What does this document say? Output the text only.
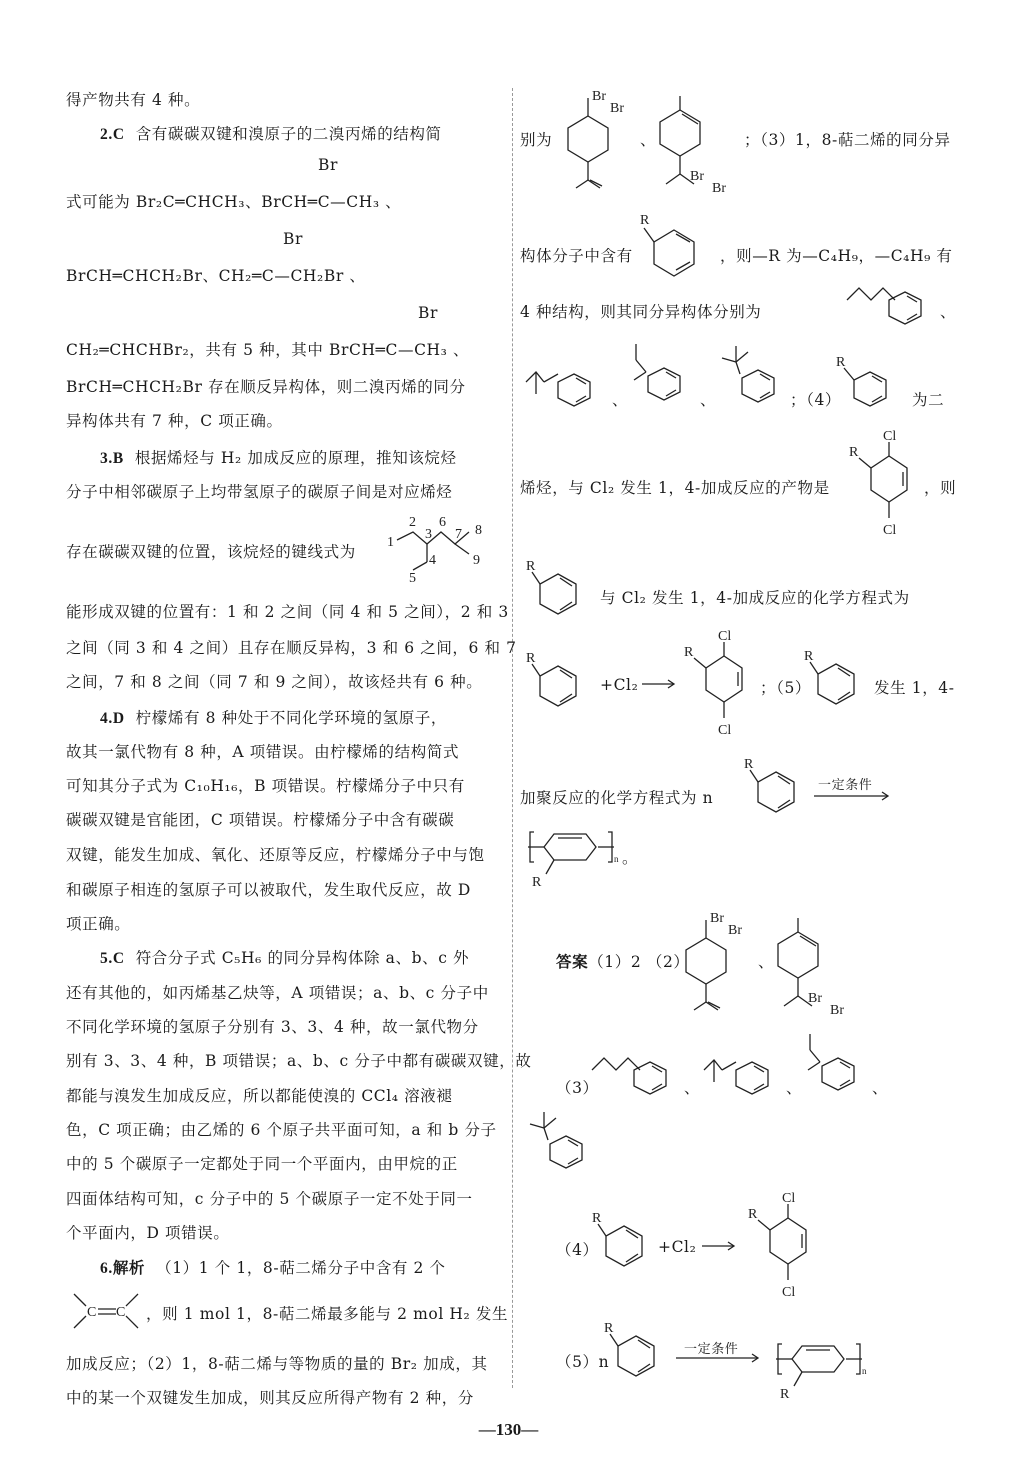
得产物共有 4 种。
2.C 含有碳碳双键和溴原子的二溴丙烯的结构简
Br
式可能为 Br₂C═CHCH₃、BrCH═C—CH₃ 、
Br
BrCH═CHCH₂Br、CH₂═C—CH₂Br 、
Br
CH₂═CHCHBr₂，共有 5 种，其中 BrCH═C—CH₃ 、
BrCH═CHCH₂Br 存在顺反异构体，则二溴丙烯的同分
异构体共有 7 种，C 项正确。
3.B 根据烯烃与 H₂ 加成反应的原理，推知该烷烃
分子中相邻碳原子上均带氢原子的碳原子间是对应烯烃
存在碳碳双键的位置，该烷烃的键线式为
1
2
3
6
4
5
7 8
9
能形成双键的位置有：1 和 2 之间（同 4 和 5 之间），2 和 3
之间（同 3 和 4 之间）且存在顺反异构，3 和 6 之间，6 和 7
之间，7 和 8 之间（同 7 和 9 之间），故该烃共有 6 种。
4.D 柠檬烯有 8 种处于不同化学环境的氢原子，
故其一氯代物有 8 种，A 项错误。由柠檬烯的结构简式
可知其分子式为 C₁₀H₁₆，B 项错误。柠檬烯分子中只有
碳碳双键是官能团，C 项错误。柠檬烯分子中含有碳碳
双键，能发生加成、氧化、还原等反应，柠檬烯分子中与饱
和碳原子相连的氢原子可以被取代，发生取代反应，故 D
项正确。
5.C 符合分子式 C₅H₆ 的同分异构体除 a、b、c 外
还有其他的，如丙烯基乙炔等，A 项错误；a、b、c 分子中
不同化学环境的氢原子分别有 3、3、4 种，故一氯代物分
别有 3、3、4 种，B 项错误；a、b、c 分子中都有碳碳双键，故
都能与溴发生加成反应，所以都能使溴的 CCl₄ 溶液褪
色，C 项正确；由乙烯的 6 个原子共平面可知，a 和 b 分子
中的 5 个碳原子一定都处于同一个平面内，由甲烷的正
四面体结构可知，c 分子中的 5 个碳原子一定不处于同一
个平面内，D 项错误。
6.解析 （1）1 个 1，8-萜二烯分子中含有 2 个
C C ，则 1 mol 1，8-萜二烯最多能与 2 mol H₂ 发生
加成反应；（2）1，8-萜二烯与等物质的量的 Br₂ 加成，其
中的某一个双键发生加成，则其反应所得产物有 2 种，分
别为
Br
Br
、
Br
Br
；（3）1，8-萜二烯的同分异
构体分子中含有
R
，则—R 为—C₄H₉，—C₄H₉ 有
4 种结构，则其同分异构体分别为	、
、	、	；（4）
R
为二
烯烃，与 Cl₂ 发生 1，4-加成反应的产物是
Cl
Cl
R
，则
R
与 Cl₂ 发生 1，4-加成反应的化学方程式为
R
+Cl₂ →
Cl
Cl
R
；（5）
R
发生 1，4-
加聚反应的化学方程式为 n
R
一定条件
R
n 。
答案（1）2 （2）
Br
Br
、
Br
Br
（3）	、	、	、
（4）
R
+Cl₂ →
Cl
Cl
R
（5）n
R
一定条件
R
n
—130—
